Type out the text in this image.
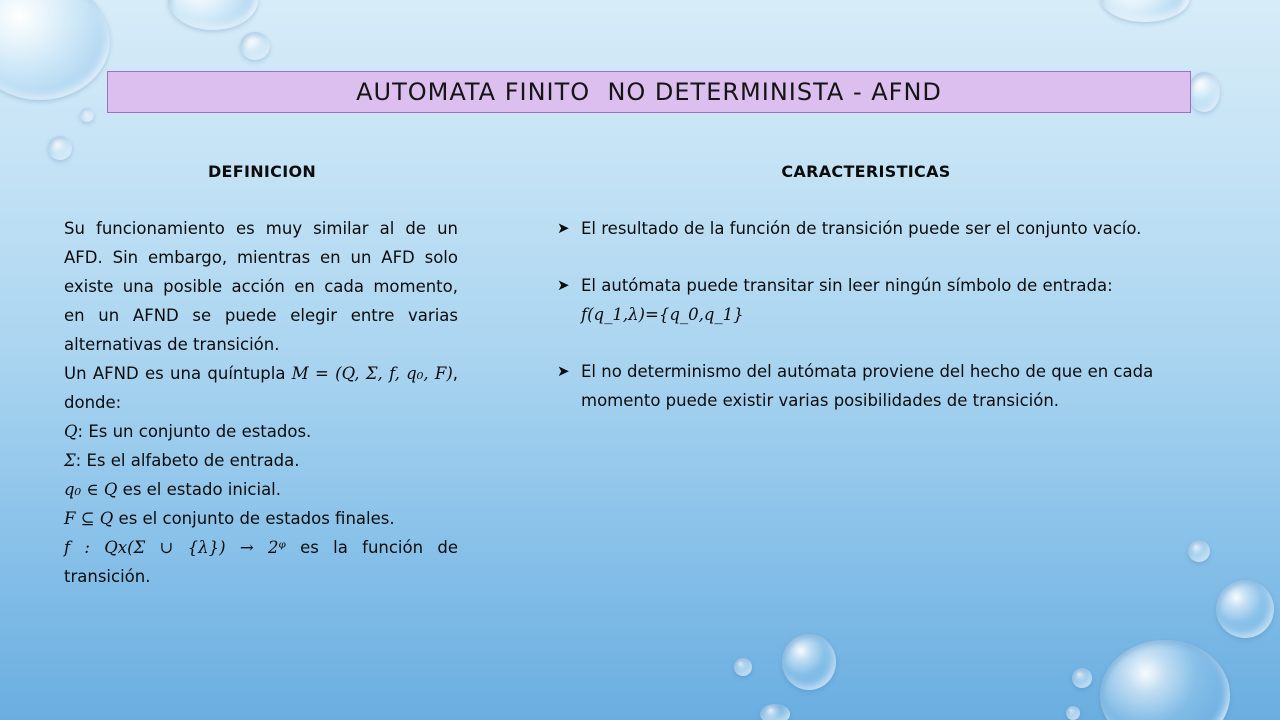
AUTOMATA FINITO  NO DETERMINISTA - AFND
DEFINICION	CARACTERISTICAS

Su funcionamiento es muy similar al de un AFD. Sin embargo, mientras en un AFD solo existe una posible acción en cada momento, en un AFND se puede elegir entre varias alternativas de transición.

Un AFND es una quíntupla M = (Q, Σ, f, q₀, F), donde:

Q: Es un conjunto de estados.

Σ: Es el alfabeto de entrada.

q₀ ∈ Q es el estado inicial.

F ⊆ Q es el conjunto de estados finales.

f : Qx(Σ ∪ {λ}) → 2ᵠ es la función de transición.

➤ El resultado de la función de transición puede ser el conjunto vacío.
➤ El autómata puede transitar sin leer ningún símbolo de entrada: f(q_1,λ)={q_0,q_1}
➤ El no determinismo del autómata proviene del hecho de que en cada momento puede existir varias posibilidades de transición.
